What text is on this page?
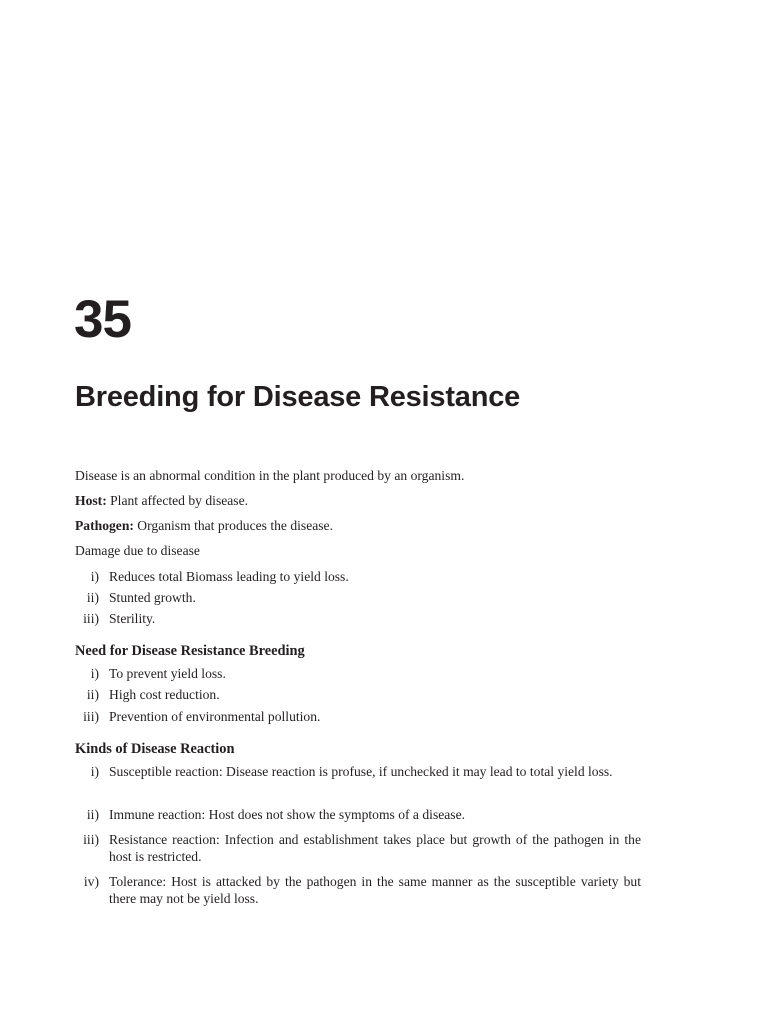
35
Breeding for Disease Resistance

Disease is an abnormal condition in the plant produced by an organism.

Host: Plant affected by disease.

Pathogen: Organism that produces the disease.

Damage due to disease

i) Reduces total Biomass leading to yield loss.
ii) Stunted growth.
iii) Sterility.
Need for Disease Resistance Breeding
i) To prevent yield loss.
ii) High cost reduction.
iii) Prevention of environmental pollution.
Kinds of Disease Reaction
i) Susceptible reaction: Disease reaction is profuse, if unchecked it may lead to total yield loss.
ii) Immune reaction: Host does not show the symptoms of a disease.
iii) Resistance reaction: Infection and establishment takes place but growth of the pathogen in the host is restricted.
iv) Tolerance: Host is attacked by the pathogen in the same manner as the susceptible variety but there may not be yield loss.
